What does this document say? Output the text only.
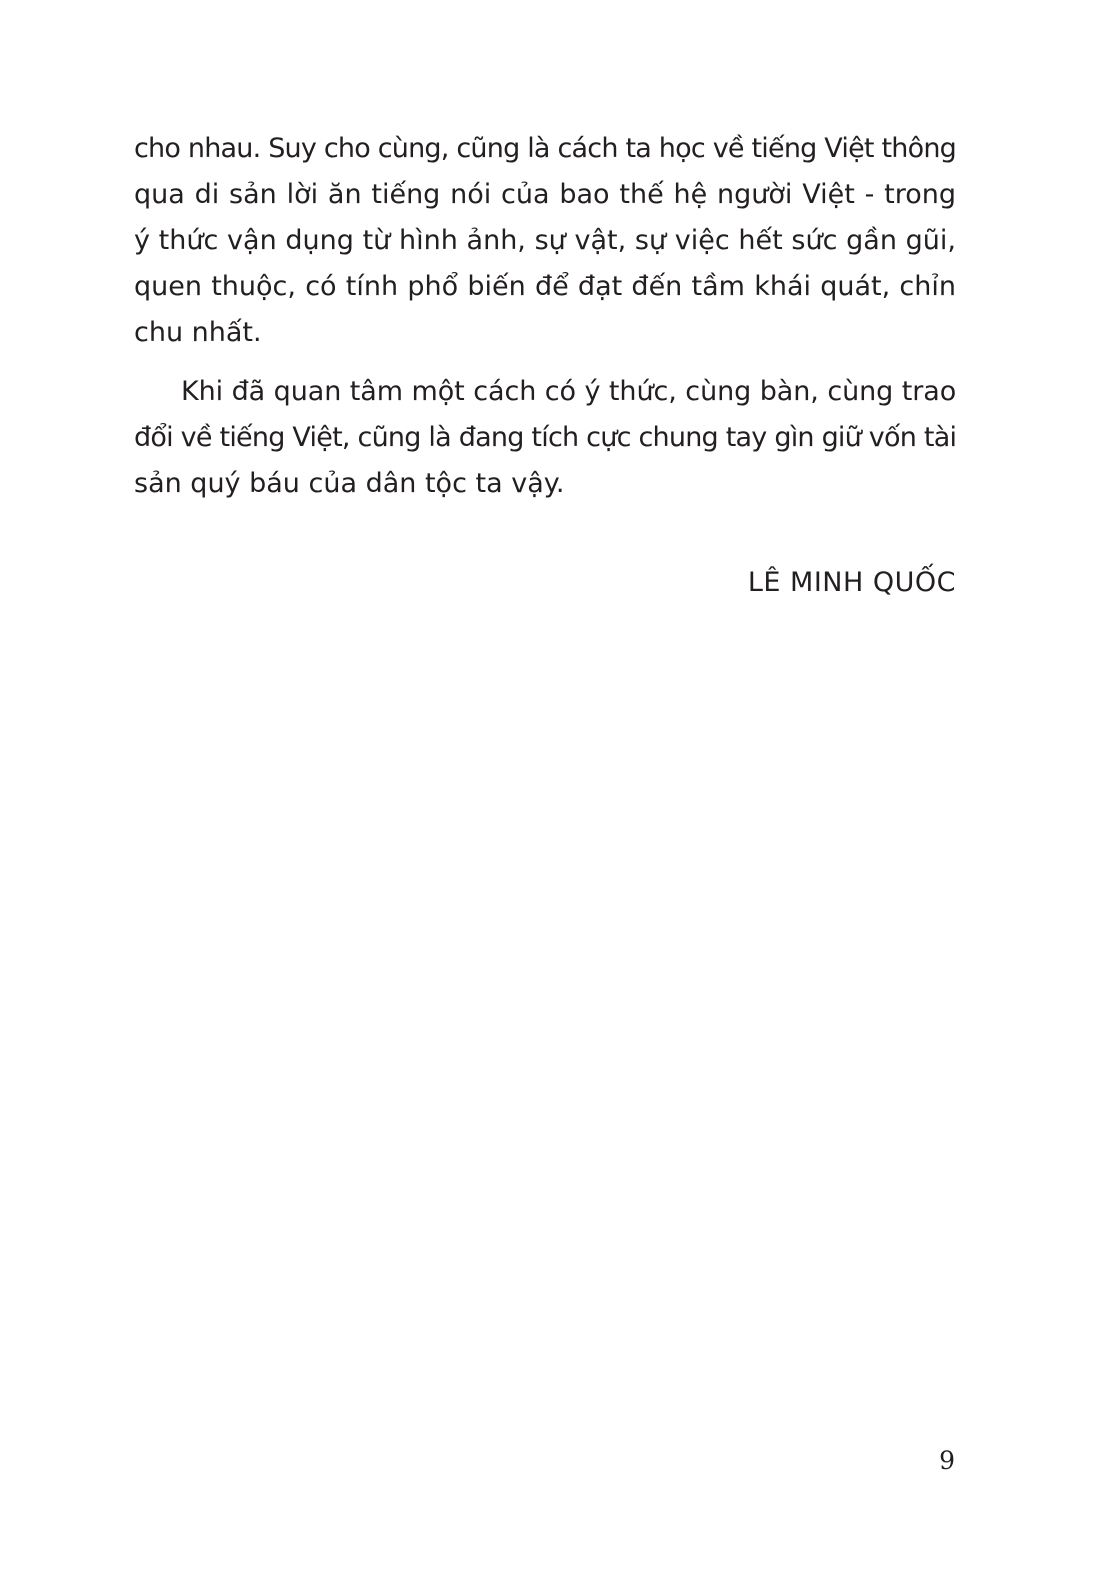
cho nhau. Suy cho cùng, cũng là cách ta học về tiếng Việt thông
qua di sản lời ăn tiếng nói của bao thế hệ người Việt - trong
ý thức vận dụng từ hình ảnh, sự vật, sự việc hết sức gần gũi,
quen thuộc, có tính phổ biến để đạt đến tầm khái quát, chỉn
chu nhất.

Khi đã quan tâm một cách có ý thức, cùng bàn, cùng trao
đổi về tiếng Việt, cũng là đang tích cực chung tay gìn giữ vốn tài
sản quý báu của dân tộc ta vậy.

LÊ MINH QUỐC
9
